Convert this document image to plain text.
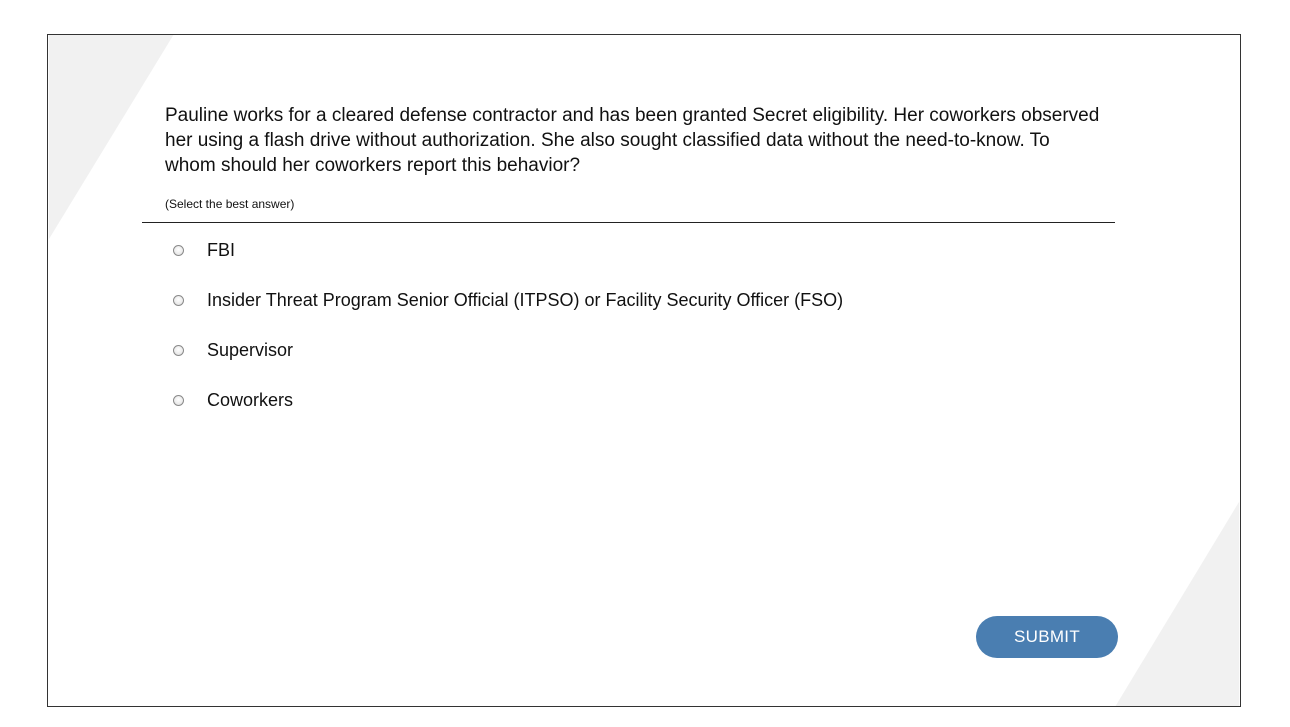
Pauline works for a cleared defense contractor and has been granted Secret eligibility. Her coworkers observed her using a flash drive without authorization. She also sought classified data without the need-to-know. To whom should her coworkers report this behavior?
(Select the best answer)
FBI
Insider Threat Program Senior Official (ITPSO) or Facility Security Officer (FSO)
Supervisor
Coworkers
SUBMIT
